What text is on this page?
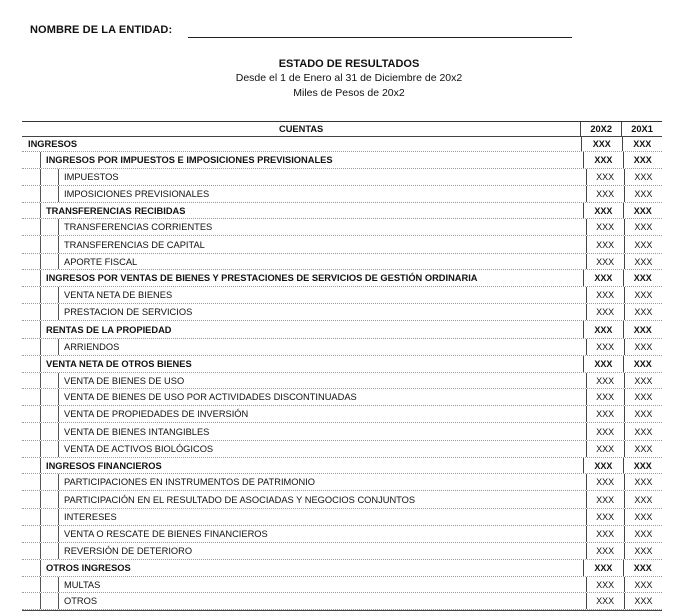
NOMBRE DE LA ENTIDAD:
ESTADO DE RESULTADOS
Desde el 1 de Enero al 31 de Diciembre de 20x2
Miles de Pesos de 20x2
CUENTAS	20X2	20X1
INGRESOS	XXX	XXX
INGRESOS POR IMPUESTOS E IMPOSICIONES PREVISIONALES	XXX	XXX
IMPUESTOS	XXX	XXX
IMPOSICIONES PREVISIONALES	XXX	XXX
TRANSFERENCIAS RECIBIDAS	XXX	XXX
TRANSFERENCIAS CORRIENTES	XXX	XXX
TRANSFERENCIAS DE CAPITAL	XXX	XXX
APORTE FISCAL	XXX	XXX
INGRESOS POR VENTAS DE BIENES Y PRESTACIONES DE SERVICIOS DE GESTIÓN ORDINARIA	XXX	XXX
VENTA NETA DE BIENES	XXX	XXX
PRESTACION DE SERVICIOS	XXX	XXX
RENTAS DE LA PROPIEDAD	XXX	XXX
ARRIENDOS	XXX	XXX
VENTA NETA DE OTROS BIENES	XXX	XXX
VENTA DE BIENES DE USO	XXX	XXX
VENTA DE BIENES DE USO POR ACTIVIDADES DISCONTINUADAS	XXX	XXX
VENTA DE PROPIEDADES DE INVERSIÓN	XXX	XXX
VENTA DE BIENES INTANGIBLES	XXX	XXX
VENTA DE ACTIVOS BIOLÓGICOS	XXX	XXX
INGRESOS FINANCIEROS	XXX	XXX
PARTICIPACIONES EN INSTRUMENTOS DE PATRIMONIO	XXX	XXX
PARTICIPACIÓN EN EL RESULTADO DE ASOCIADAS Y NEGOCIOS CONJUNTOS	XXX	XXX
INTERESES	XXX	XXX
VENTA O RESCATE DE BIENES FINANCIEROS	XXX	XXX
REVERSIÓN DE DETERIORO	XXX	XXX
OTROS INGRESOS	XXX	XXX
MULTAS	XXX	XXX
OTROS	XXX	XXX
